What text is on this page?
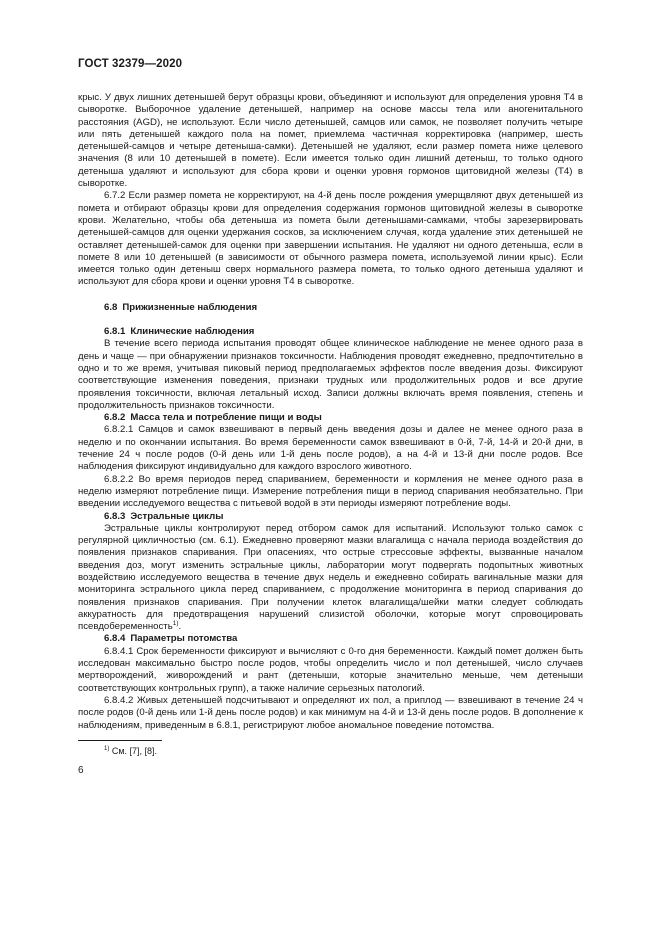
ГОСТ 32379—2020

крыс. У двух лишних детенышей берут образцы крови, объединяют и используют для определения уровня Т4 в сыворотке. Выборочное удаление детенышей, например на основе массы тела или аногенитального расстояния (AGD), не используют. Если число детенышей, самцов или самок, не позволяет получить четыре или пять детенышей каждого пола на помет, приемлема частичная корректировка (например, шесть детенышей-самцов и четыре детеныша-самки). Детенышей не удаляют, если размер помета ниже целевого значения (8 или 10 детенышей в помете). Если имеется только один лишний детеныш, то только одного детеныша удаляют и используют для сбора крови и оценки уровня гормонов щитовидной железы (Т4) в сыворотке.

6.7.2 Если размер помета не корректируют, на 4-й день после рождения умерщвляют двух детенышей из помета и отбирают образцы крови для определения содержания гормонов щитовидной железы в сыворотке крови. Желательно, чтобы оба детеныша из помета были детенышами-самками, чтобы зарезервировать детенышей-самцов для оценки удержания сосков, за исключением случая, когда удаление этих детенышей не оставляет детенышей-самок для оценки при завершении испытания. Не удаляют ни одного детеныша, если в помете 8 или 10 детенышей (в зависимости от обычного размера помета, используемой линии крыс). Если имеется только один детеныш сверх нормального размера помета, то только одного детеныша удаляют и используют для сбора крови и оценки уровня Т4 в сыворотке.

6.8 Прижизненные наблюдения

6.8.1 Клинические наблюдения

В течение всего периода испытания проводят общее клиническое наблюдение не менее одного раза в день и чаще — при обнаружении признаков токсичности. Наблюдения проводят ежедневно, предпочтительно в одно и то же время, учитывая пиковый период предполагаемых эффектов после введения дозы. Фиксируют соответствующие изменения поведения, признаки трудных или продолжительных родов и все другие проявления токсичности, включая летальный исход. Записи должны включать время появления, степень и продолжительность признаков токсичности.

6.8.2 Масса тела и потребление пищи и воды

6.8.2.1 Самцов и самок взвешивают в первый день введения дозы и далее не менее одного раза в неделю и по окончании испытания. Во время беременности самок взвешивают в 0-й, 7-й, 14-й и 20-й дни, в течение 24 ч после родов (0-й день или 1-й день после родов), а на 4-й и 13-й дни после родов. Все наблюдения фиксируют индивидуально для каждого взрослого животного.

6.8.2.2 Во время периодов перед спариванием, беременности и кормления не менее одного раза в неделю измеряют потребление пищи. Измерение потребления пищи в период спаривания необязательно. При введении исследуемого вещества с питьевой водой в эти периоды измеряют потребление воды.

6.8.3 Эстральные циклы

Эстральные циклы контролируют перед отбором самок для испытаний. Используют только самок с регулярной цикличностью (см. 6.1). Ежедневно проверяют мазки влагалища с начала периода воздействия до появления признаков спаривания. При опасениях, что острые стрессовые эффекты, вызванные началом введения доз, могут изменить эстральные циклы, лаборатории могут подвергать подопытных животных воздействию исследуемого вещества в течение двух недель и ежедневно собирать вагинальные мазки для мониторинга эстрального цикла перед спариванием, с продолжение мониторинга в период спаривания до появления признаков спаривания. При получении клеток влагалища/шейки матки следует соблюдать аккуратность для предотвращения нарушений слизистой оболочки, которые могут спровоцировать псевдобеременность$^{1)}$.

6.8.4 Параметры потомства

6.8.4.1 Срок беременности фиксируют и вычисляют с 0-го дня беременности. Каждый помет должен быть исследован максимально быстро после родов, чтобы определить число и пол детенышей, число случаев мертворождений, живорождений и рант (детеныши, которые значительно меньше, чем детеныши соответствующих контрольных групп), а также наличие серьезных патологий.

6.8.4.2 Живых детенышей подсчитывают и определяют их пол, а приплод — взвешивают в течение 24 ч после родов (0-й день или 1-й день после родов) и как минимум на 4-й и 13-й день после родов. В дополнение к наблюдениям, приведенным в 6.8.1, регистрируют любое аномальное поведение потомства.

$^{1)}$ См. [7], [8].
6
